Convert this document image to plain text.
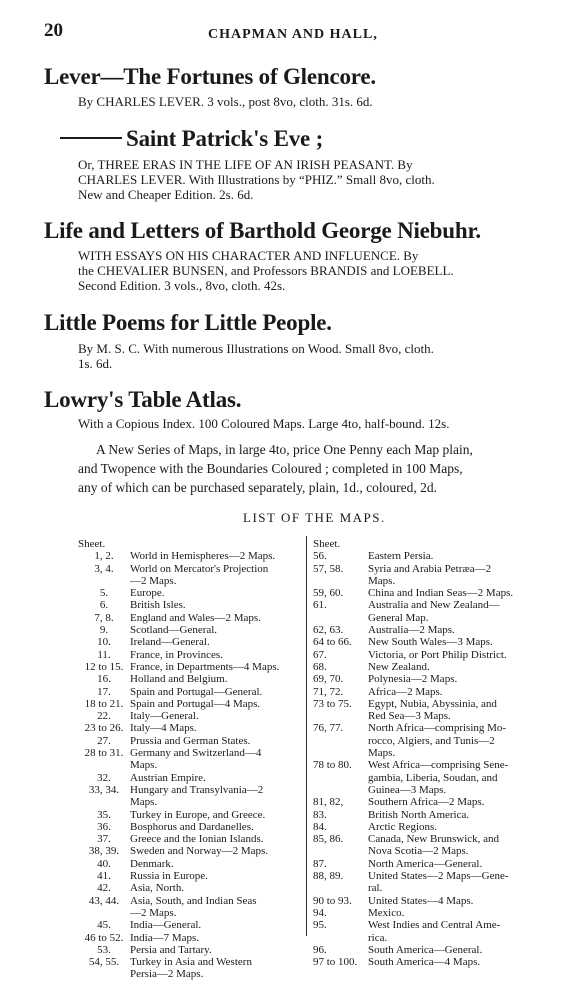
20	CHAPMAN AND HALL,
Lever—The Fortunes of Glencore.
By CHARLES LEVER. 3 vols., post 8vo, cloth. 31s. 6d.
Saint Patrick's Eve ;
Or, THREE ERAS IN THE LIFE OF AN IRISH PEASANT. By
CHARLES LEVER. With Illustrations by “PHIZ.” Small 8vo, cloth.
New and Cheaper Edition. 2s. 6d.
Life and Letters of Barthold George Niebuhr.
WITH ESSAYS ON HIS CHARACTER AND INFLUENCE. By
the CHEVALIER BUNSEN, and Professors BRANDIS and LOEBELL.
Second Edition. 3 vols., 8vo, cloth. 42s.
Little Poems for Little People.
By M. S. C. With numerous Illustrations on Wood. Small 8vo, cloth.
1s. 6d.
Lowry's Table Atlas.
With a Copious Index. 100 Coloured Maps. Large 4to, half-bound. 12s.
A New Series of Maps, in large 4to, price One Penny each Map plain,
and Twopence with the Boundaries Coloured ; completed in 100 Maps,
any of which can be purchased separately, plain, 1d., coloured, 2d.
LIST OF THE MAPS.
Sheet.
1, 2.	World in Hemispheres—2 Maps.
3, 4.	World on Mercator's Projection
—2 Maps.
5.	Europe.
6.	British Isles.
7, 8.	England and Wales—2 Maps.
9.	Scotland—General.
10.	Ireland—General.
11.	France, in Provinces.
12 to 15. France, in Departments—4 Maps.
16.	Holland and Belgium.
17.	Spain and Portugal—General.
18 to 21. Spain and Portugal—4 Maps.
22.	Italy—General.
23 to 26. Italy—4 Maps.
27.	Prussia and German States.
28 to 31. Germany and Switzerland—4
Maps.
32.	Austrian Empire.
33, 34. Hungary and Transylvania—2
Maps.
35.	Turkey in Europe, and Greece.
36.	Bosphorus and Dardanelles.
37.	Greece and the Ionian Islands.
38, 39. Sweden and Norway—2 Maps.
40.	Denmark.
41.	Russia in Europe.
42.	Asia, North.
43, 44. Asia, South, and Indian Seas
—2 Maps.
45.	India—General.
46 to 52. India—7 Maps.
53.	Persia and Tartary.
54, 55. Turkey in Asia and Western
Persia—2 Maps.
Sheet.
56.	Eastern Persia.
57, 58.	Syria and Arabia Petræa—2
Maps.
59, 60.	China and Indian Seas—2 Maps.
61.	Australia and New Zealand—
General Map.
62, 63.	Australia—2 Maps.
64 to 66.	New South Wales—3 Maps.
67.	Victoria, or Port Philip District.
68.	New Zealand.
69, 70.	Polynesia—2 Maps.
71, 72.	Africa—2 Maps.
73 to 75.	Egypt, Nubia, Abyssinia, and
Red Sea—3 Maps.
76, 77.	North Africa—comprising Mo-
rocco, Algiers, and Tunis—2
Maps.
78 to 80.	West Africa—comprising Sene-
gambia, Liberia, Soudan, and
Guinea—3 Maps.
81, 82,	Southern Africa—2 Maps.
83.	British North America.
84.	Arctic Regions.
85, 86.	Canada, New Brunswick, and
Nova Scotia—2 Maps.
87.	North America—General.
88, 89.	United States—2 Maps—Gene-
ral.
90 to 93.	United States—4 Maps.
94.	Mexico.
95.	West Indies and Central Ame-
rica.
96.	South America—General.
97 to 100. South America—4 Maps.
